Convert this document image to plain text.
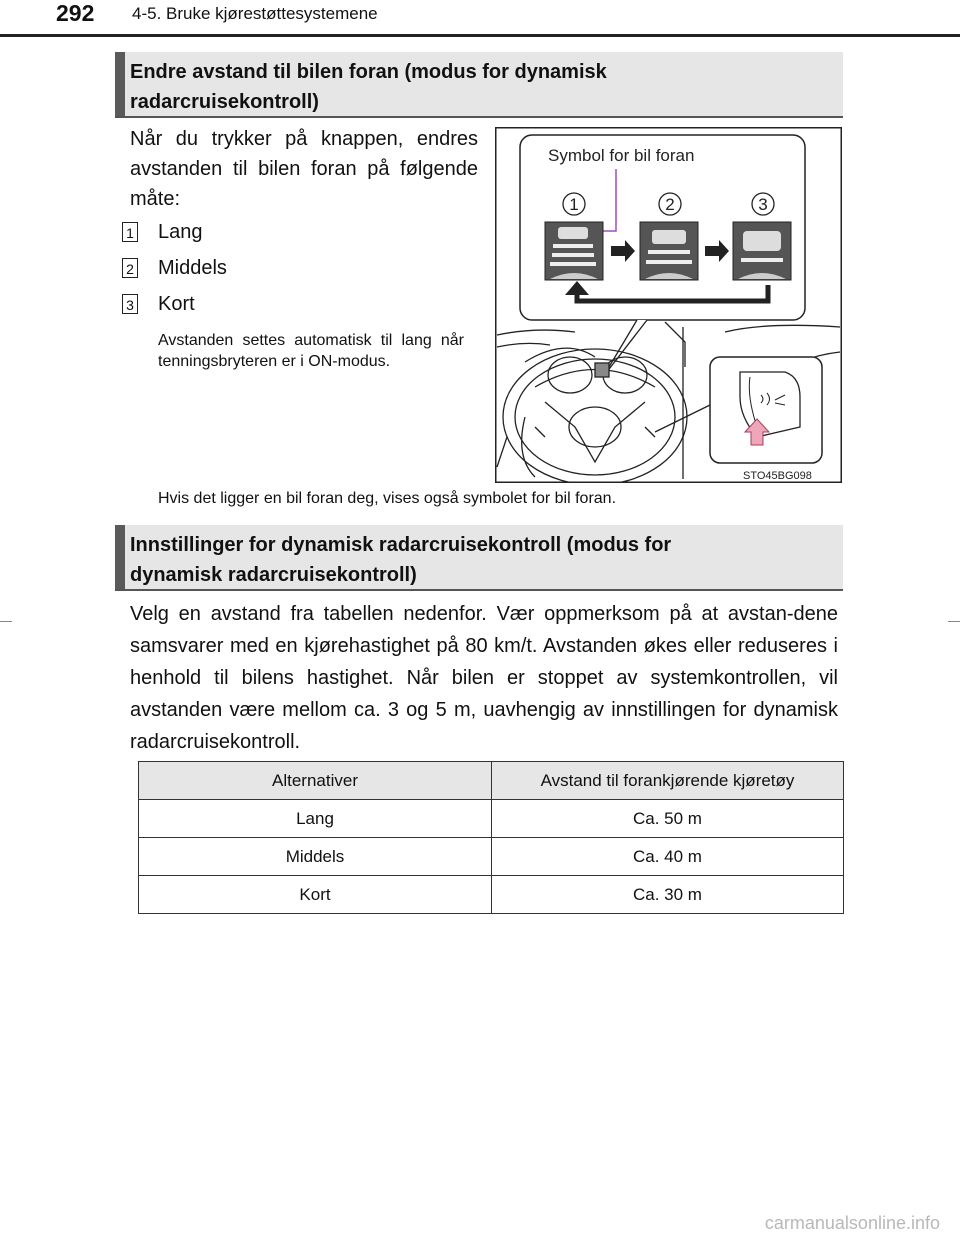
292 4-5. Bruke kjørestøttesystemene
Endre avstand til bilen foran (modus for dynamisk
radarcruisekontroll)
Når du trykker på knappen, endres avstanden til bilen foran på følgende måte:
1 Lang
2 Middels
3 Kort
Avstanden settes automatisk til lang når tenningsbryteren er i ON-modus.
Symbol for bil foran
1	2	3
STO45BG098
Hvis det ligger en bil foran deg, vises også symbolet for bil foran.
Innstillinger for dynamisk radarcruisekontroll (modus for
dynamisk radarcruisekontroll)
Velg en avstand fra tabellen nedenfor. Vær oppmerksom på at avstan-dene samsvarer med en kjørehastighet på 80 km/t. Avstanden økes eller reduseres i henhold til bilens hastighet. Når bilen er stoppet av systemkontrollen, vil avstanden være mellom ca. 3 og 5 m, uavhengig av innstillingen for dynamisk radarcruisekontroll.
Alternativer	Avstand til forankjørende kjøretøy
Lang	Ca. 50 m
Middels	Ca. 40 m
Kort	Ca. 30 m
carmanualsonline.info
